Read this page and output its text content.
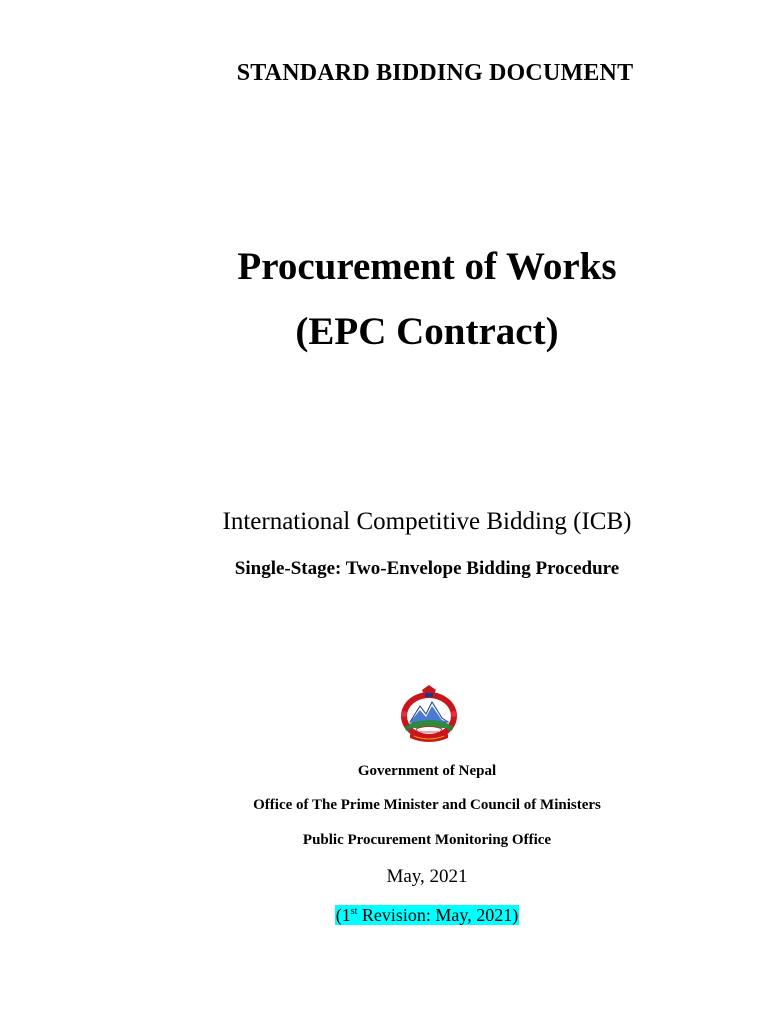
STANDARD BIDDING DOCUMENT
Procurement of Works
(EPC Contract)
International Competitive Bidding (ICB)
Single-Stage: Two-Envelope Bidding Procedure
Government of Nepal
Office of The Prime Minister and Council of Ministers
Public Procurement Monitoring Office
May, 2021
(1st Revision: May, 2021)
